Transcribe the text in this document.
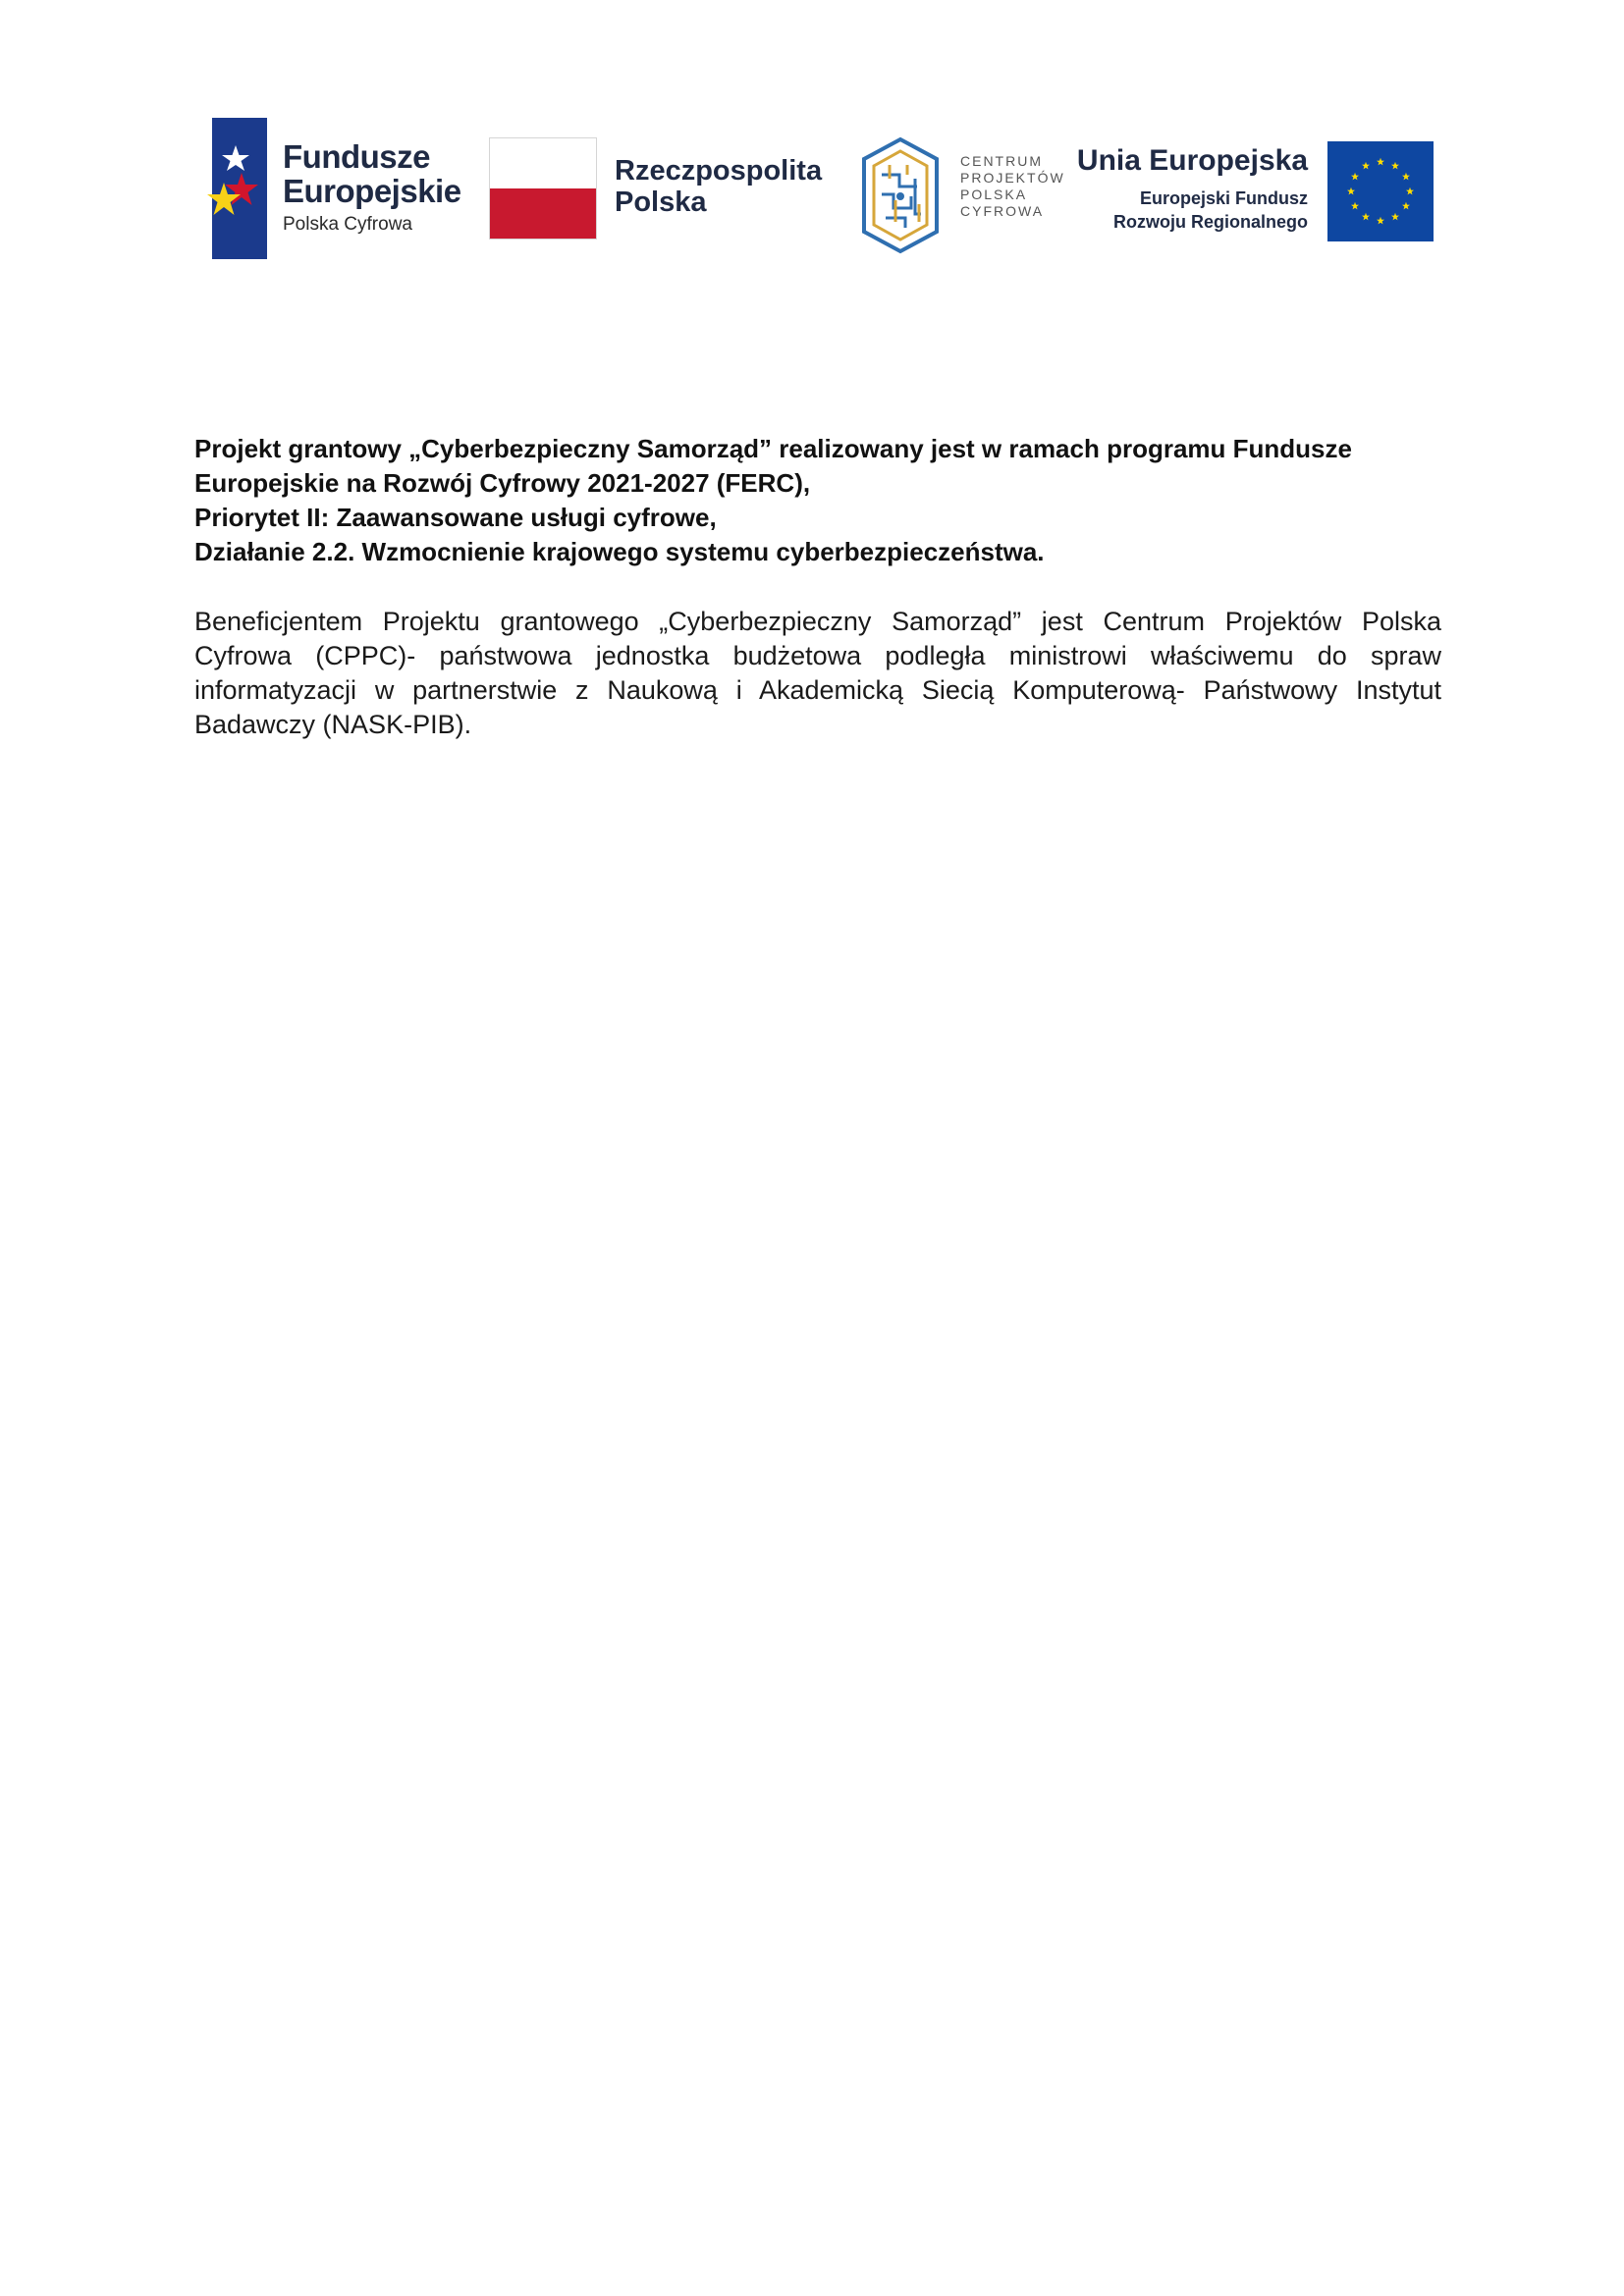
Fundusze
Europejskie
Polska Cyfrowa
Rzeczpospolita
Polska
CENTRUM
PROJEKTÓW
POLSKA
CYFROWA
Unia Europejska
Europejski Fundusz
Rozwoju Regionalnego
Projekt grantowy „Cyberbezpieczny Samorząd” realizowany jest w ramach programu Fundusze
Europejskie na Rozwój Cyfrowy 2021-2027 (FERC),
Priorytet II: Zaawansowane usługi cyfrowe,
Działanie 2.2. Wzmocnienie krajowego systemu cyberbezpieczeństwa.

Beneficjentem Projektu grantowego „Cyberbezpieczny Samorząd” jest Centrum Projektów Polska Cyfrowa (CPPC)- państwowa jednostka budżetowa podległa ministrowi właściwemu do spraw informatyzacji w partnerstwie z Naukową i Akademicką Siecią Komputerową- Państwowy Instytut Badawczy (NASK-PIB).
